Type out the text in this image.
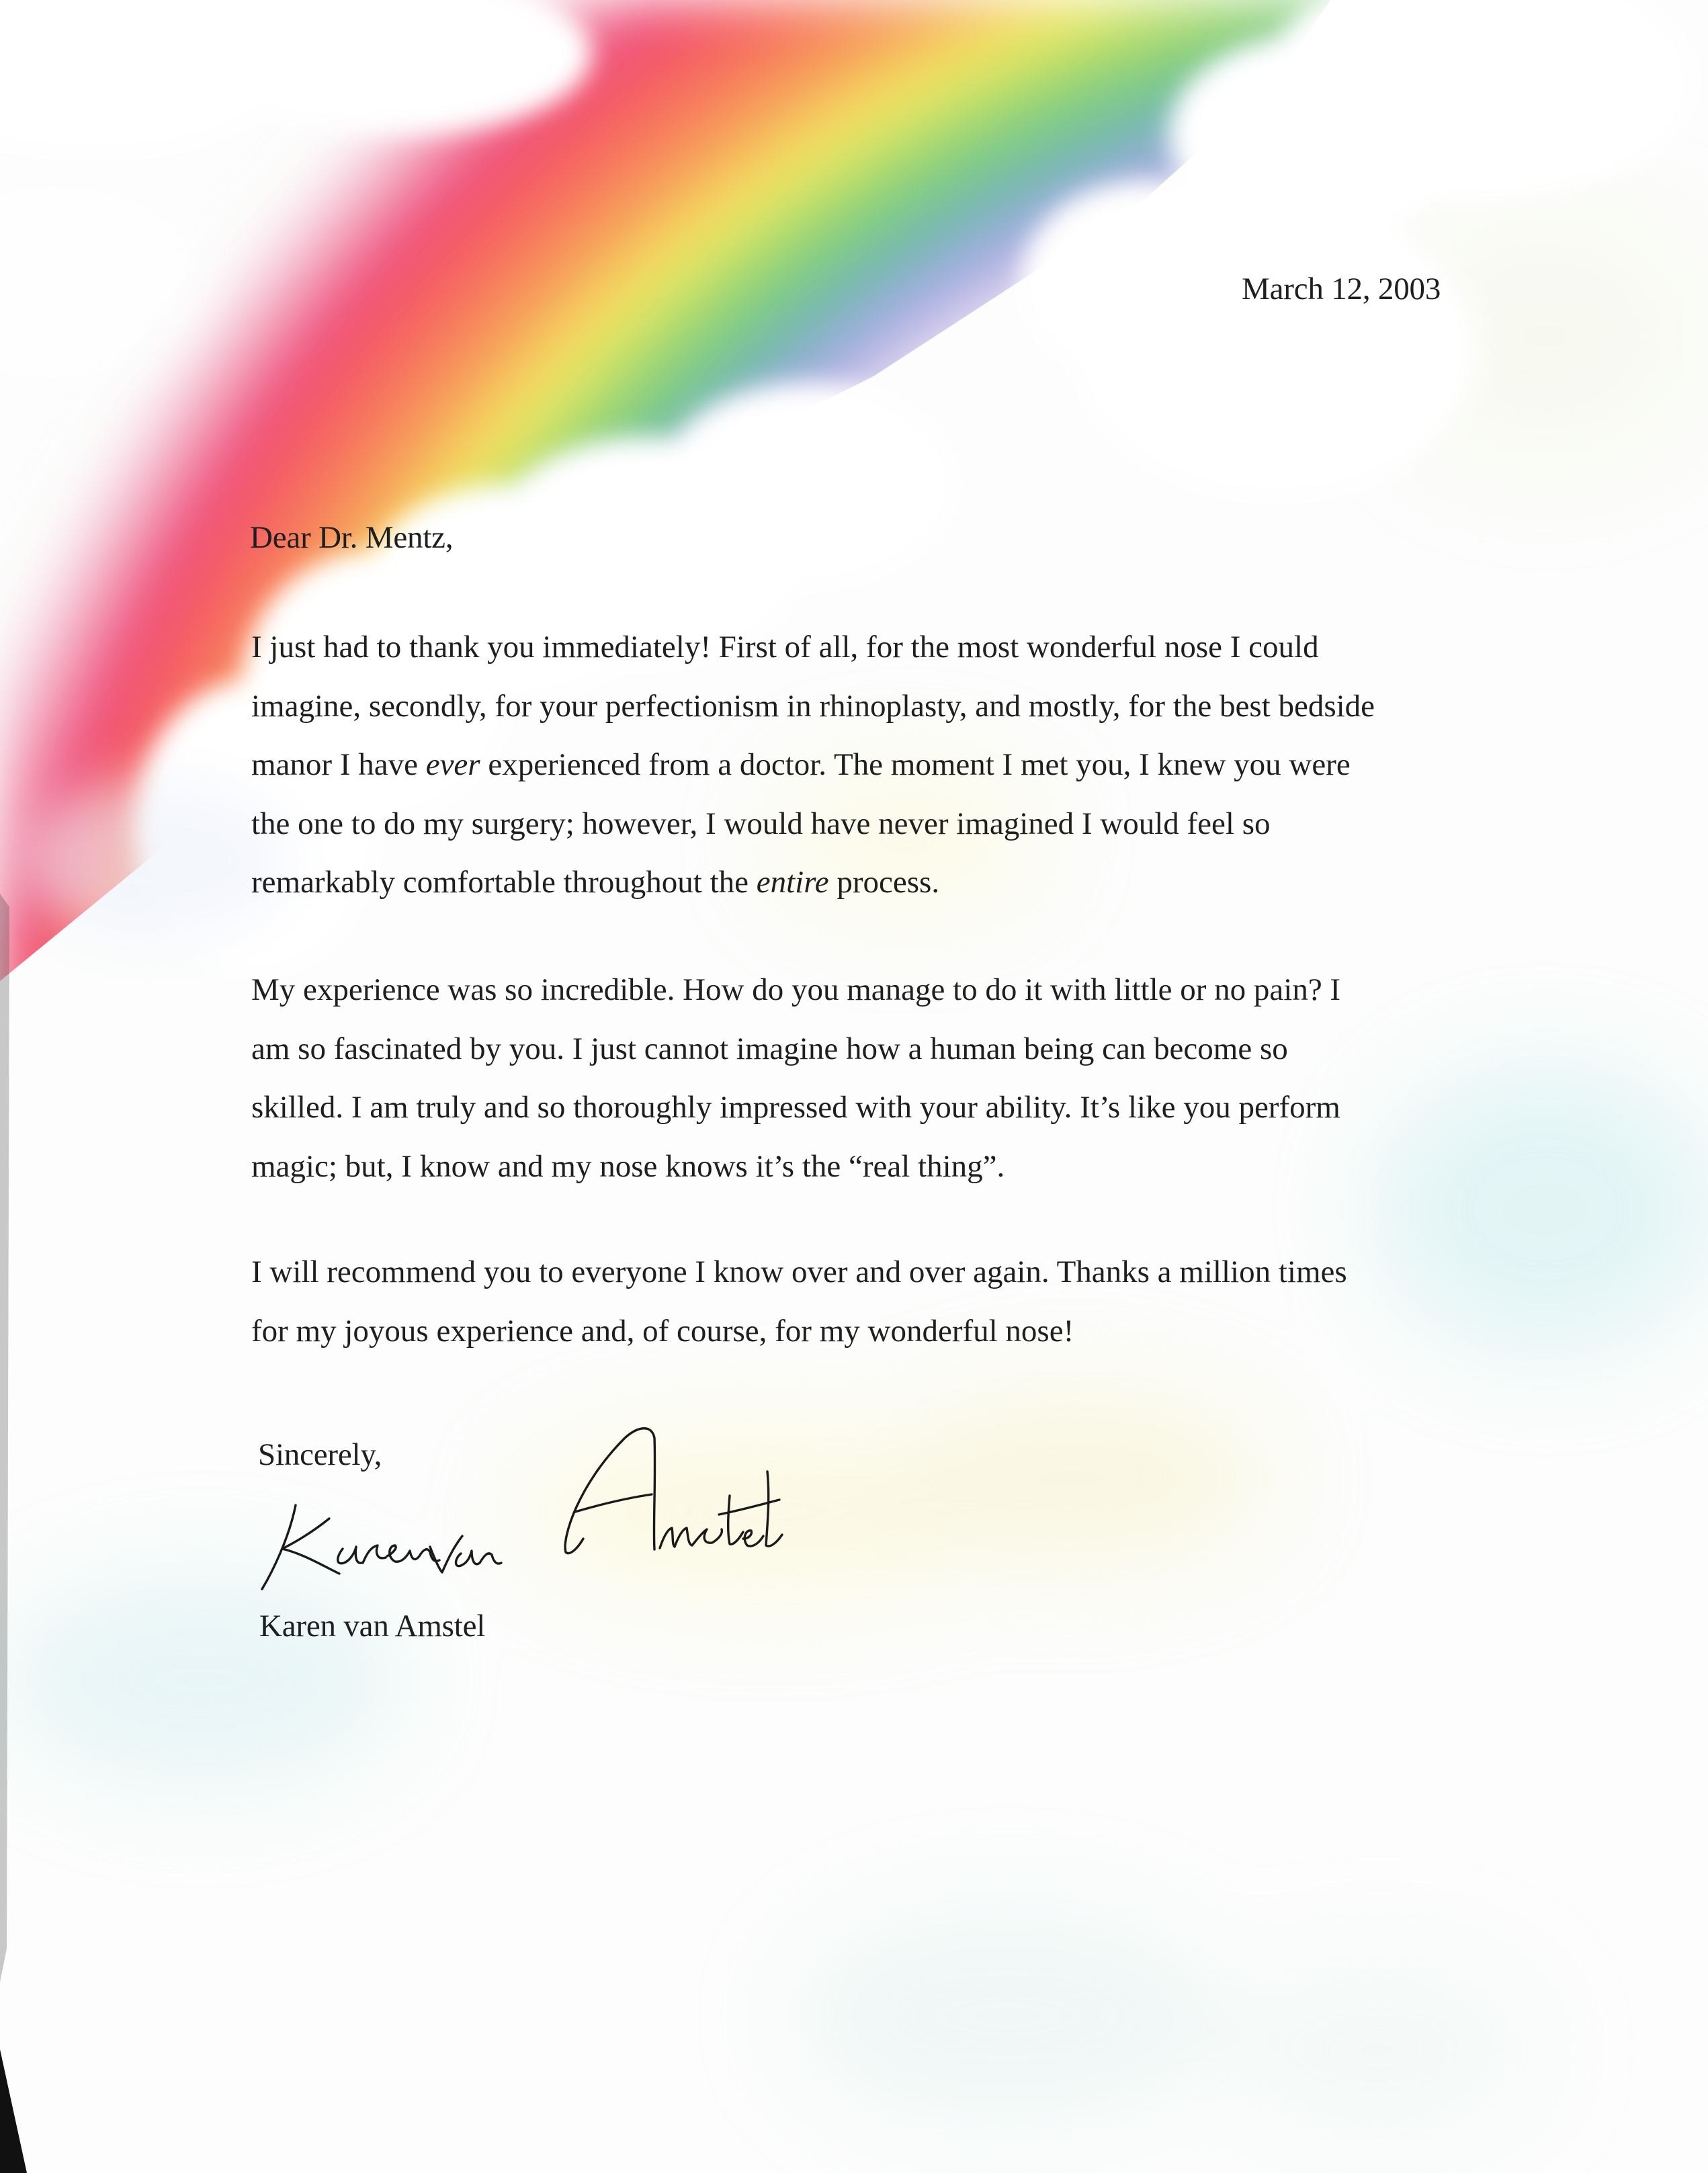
March 12, 2003
Dear Dr. Mentz,
I just had to thank you immediately! First of all, for the most wonderful nose I could
imagine, secondly, for your perfectionism in rhinoplasty, and mostly, for the best bedside
manor I have ever experienced from a doctor. The moment I met you, I knew you were
the one to do my surgery; however, I would have never imagined I would feel so
remarkably comfortable throughout the entire process.
My experience was so incredible. How do you manage to do it with little or no pain? I
am so fascinated by you. I just cannot imagine how a human being can become so
skilled. I am truly and so thoroughly impressed with your ability. It’s like you perform
magic; but, I know and my nose knows it’s the “real thing”.
I will recommend you to everyone I know over and over again. Thanks a million times
for my joyous experience and, of course, for my wonderful nose!
Sincerely,
Karen van Amstel
